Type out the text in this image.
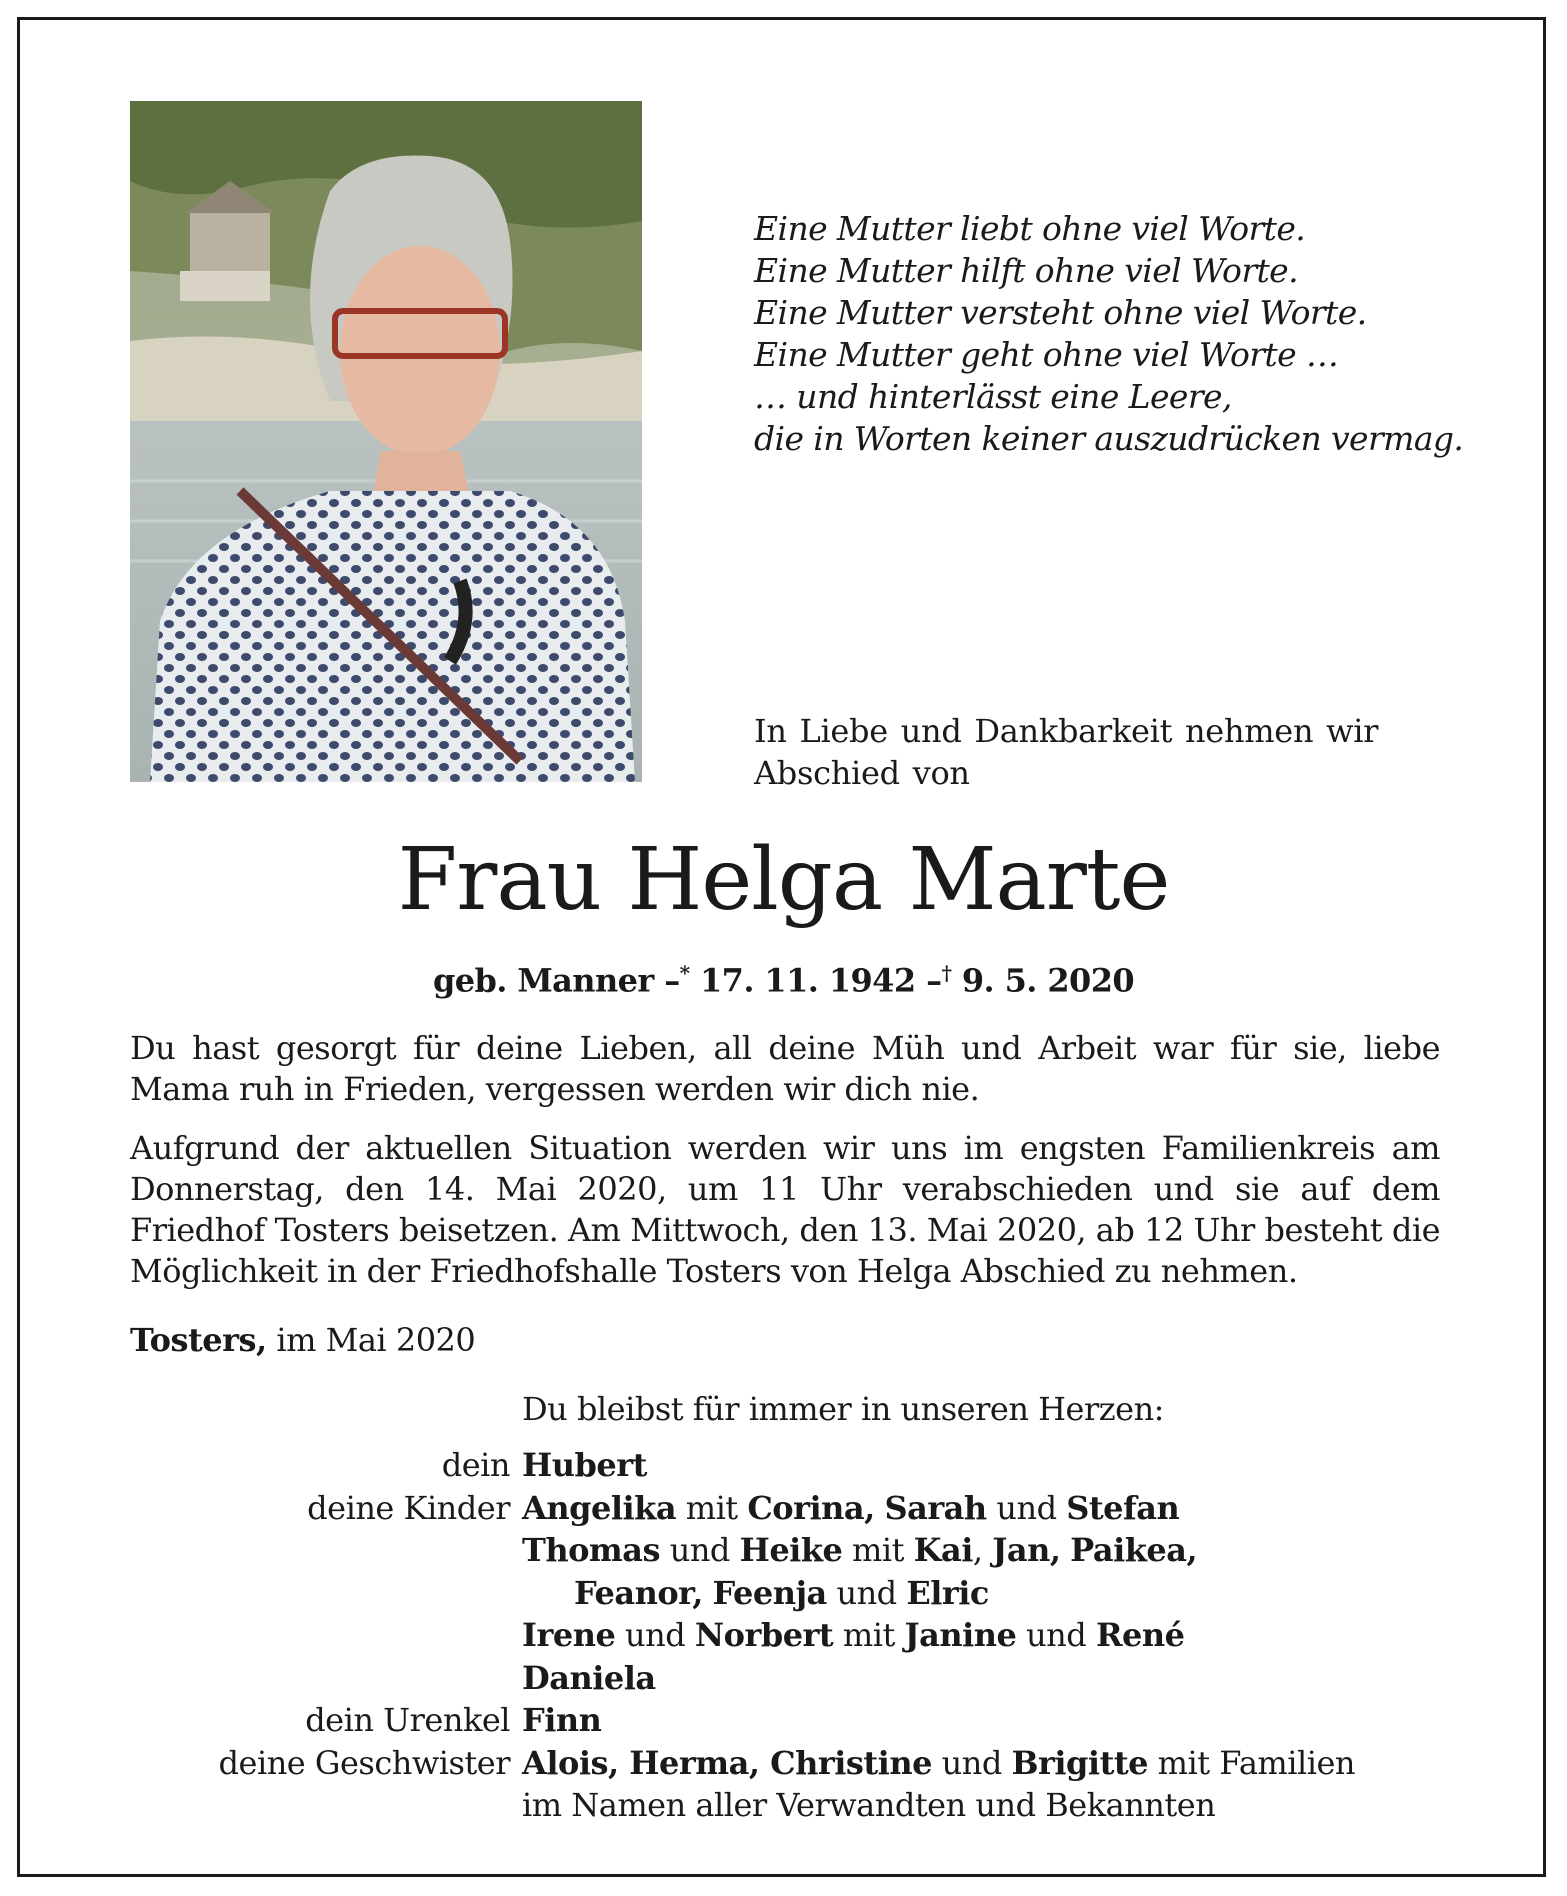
Eine Mutter liebt ohne viel Worte.
Eine Mutter hilft ohne viel Worte.
Eine Mutter versteht ohne viel Worte.
Eine Mutter geht ohne viel Worte …
… und hinterlässt eine Leere,
die in Worten keiner auszudrücken vermag.
In Liebe und Dankbarkeit nehmen wir
Abschied von
Frau Helga Marte
geb. Manner –* 17. 11. 1942 –† 9. 5. 2020
Du hast gesorgt für deine Lieben, all deine Müh und Arbeit war für sie, liebe Mama ruh in Frieden, vergessen werden wir dich nie.
Aufgrund der aktuellen Situation werden wir uns im engsten Familienkreis am Donnerstag, den 14. Mai 2020, um 11 Uhr verabschieden und sie auf dem Friedhof Tosters beisetzen. Am Mittwoch, den 13. Mai 2020, ab 12 Uhr besteht die Möglichkeit in der Friedhofshalle Tosters von Helga Abschied zu nehmen.
Tosters, im Mai 2020
Du bleibst für immer in unseren Herzen:
dein Hubert
deine Kinder Angelika mit Corina, Sarah und Stefan
Thomas und Heike mit Kai, Jan, Paikea,
Feanor, Feenja und Elric
Irene und Norbert mit Janine und René
Daniela
dein Urenkel Finn
deine Geschwister Alois, Herma, Christine und Brigitte mit Familien
im Namen aller Verwandten und Bekannten
